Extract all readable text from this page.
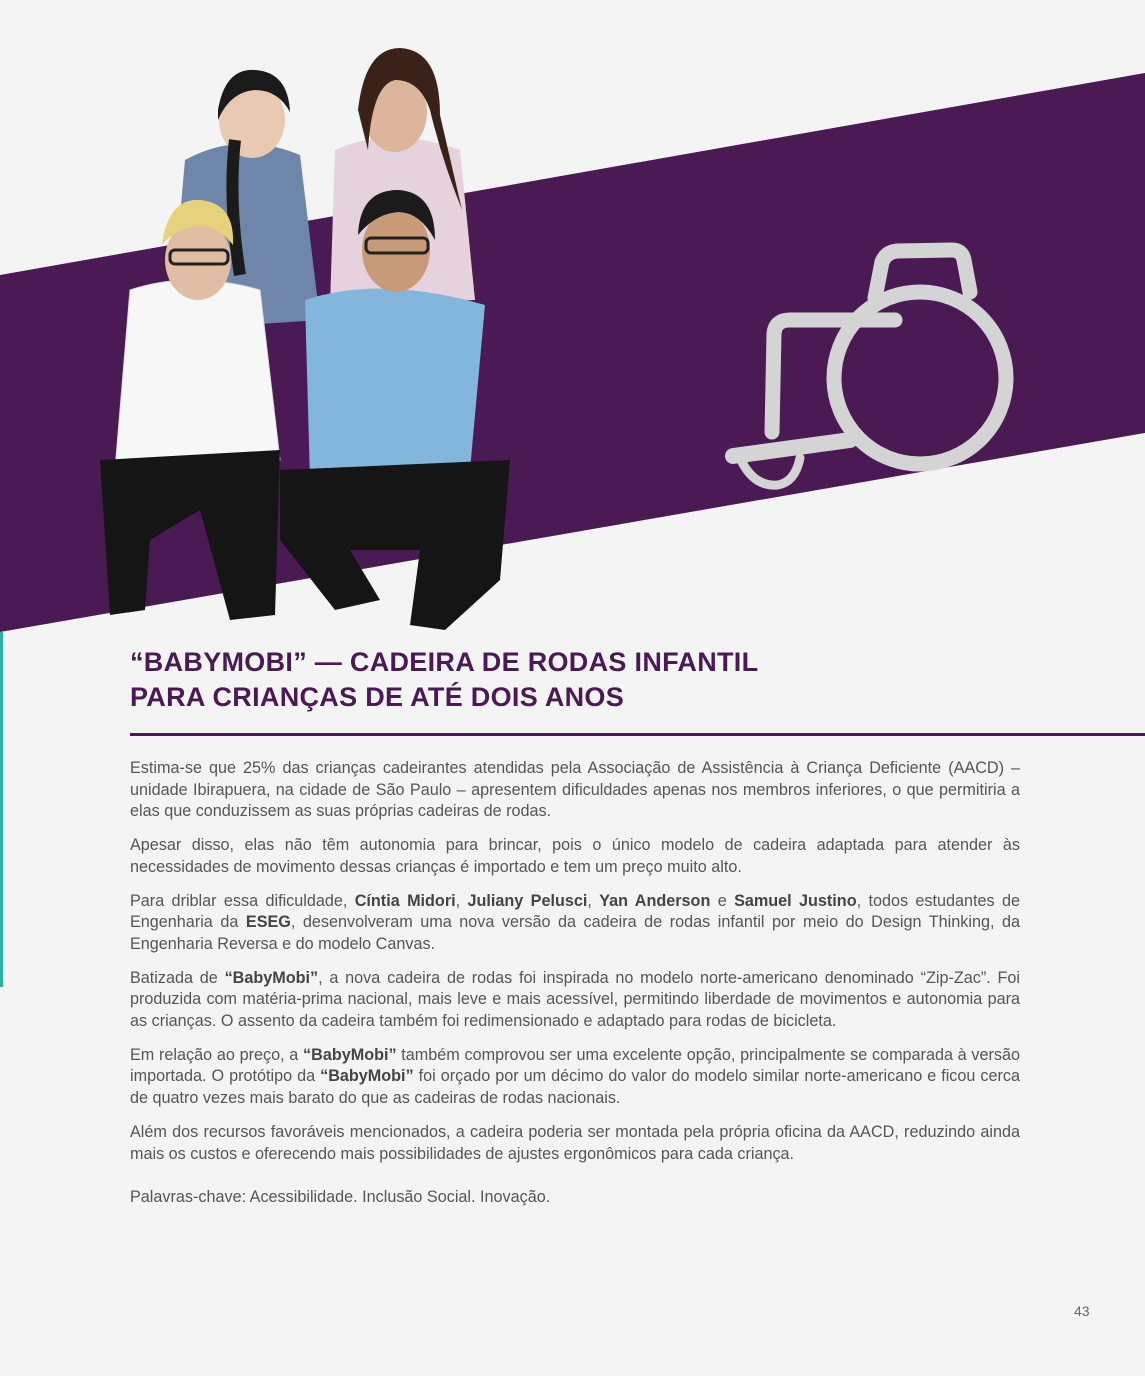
“BABYMOBI” — CADEIRA DE RODAS INFANTIL
PARA CRIANÇAS DE ATÉ DOIS ANOS

Estima-se que 25% das crianças cadeirantes atendidas pela Associação de Assistência à Criança Deficiente (AACD) – unidade Ibirapuera, na cidade de São Paulo – apresentem dificuldades apenas nos membros inferiores, o que permitiria a elas que conduzissem as suas próprias cadeiras de rodas.

Apesar disso, elas não têm autonomia para brincar, pois o único modelo de cadeira adaptada para atender às necessidades de movimento dessas crianças é importado e tem um preço muito alto.

Para driblar essa dificuldade, Cíntia Midori, Juliany Pelusci, Yan Anderson e Samuel Justino, todos estudantes de Engenharia da ESEG, desenvolveram uma nova versão da cadeira de rodas infantil por meio do Design Thinking, da Engenharia Reversa e do modelo Canvas.

Batizada de “BabyMobi”, a nova cadeira de rodas foi inspirada no modelo norte-americano denominado “Zip-Zac”. Foi produzida com matéria-prima nacional, mais leve e mais acessível, permitindo liberdade de movimentos e autonomia para as crianças. O assento da cadeira também foi redimensionado e adaptado para rodas de bicicleta.

Em relação ao preço, a “BabyMobi” também comprovou ser uma excelente opção, principalmente se comparada à versão importada. O protótipo da “BabyMobi” foi orçado por um décimo do valor do modelo similar norte-americano e ficou cerca de quatro vezes mais barato do que as cadeiras de rodas nacionais.

Além dos recursos favoráveis mencionados, a cadeira poderia ser montada pela própria oficina da AACD, reduzindo ainda mais os custos e oferecendo mais possibilidades de ajustes ergonômicos para cada criança.

Palavras-chave: Acessibilidade. Inclusão Social. Inovação.

43
